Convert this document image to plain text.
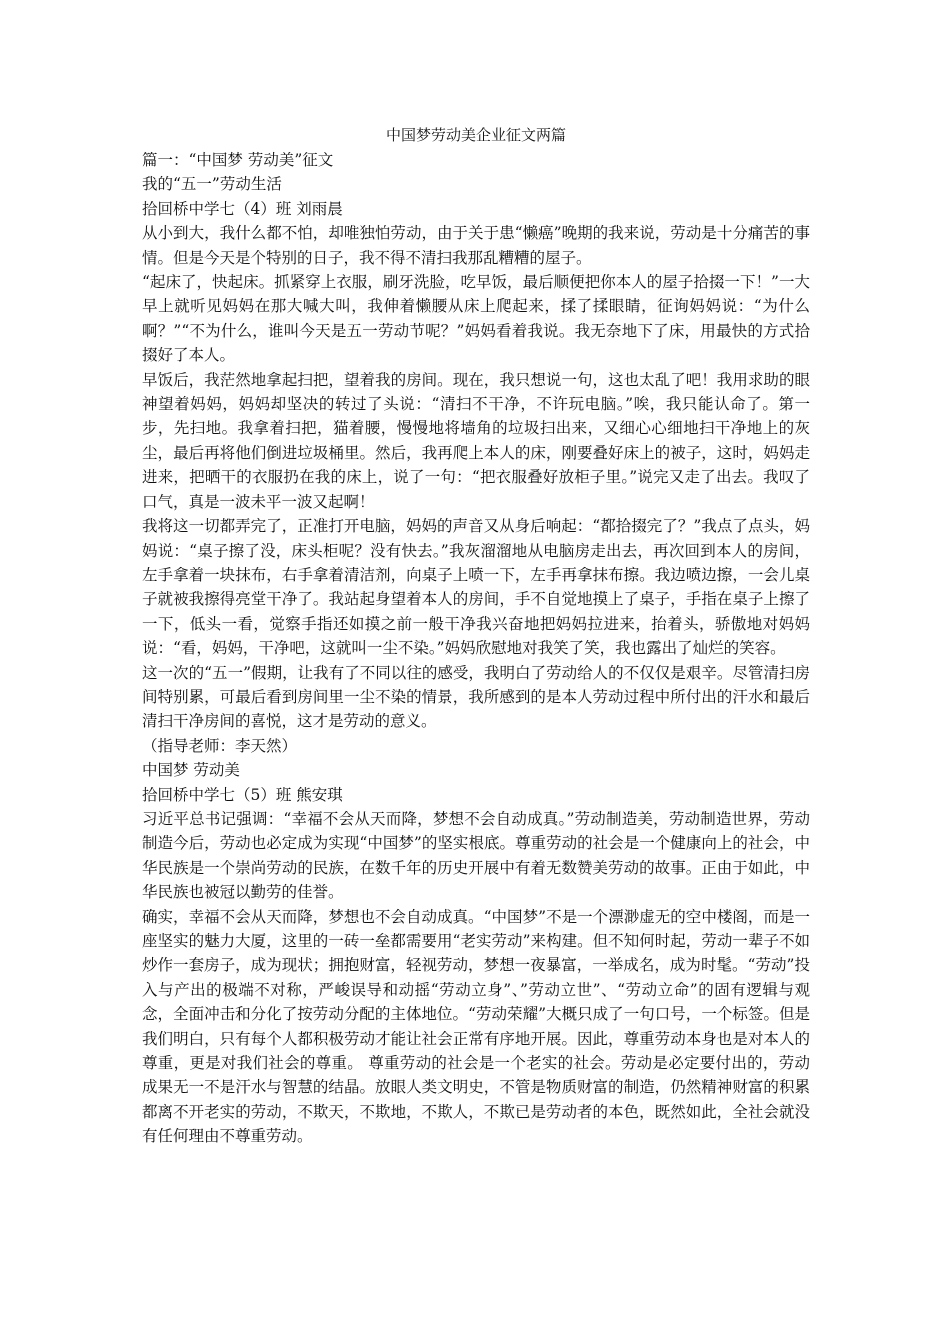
中国梦劳动美企业征文两篇

篇一：“中国梦 劳动美”征文

我的“五一”劳动生活

拾回桥中学七（4）班 刘雨晨

从小到大，我什么都不怕，却唯独怕劳动，由于关于患“懒癌”晚期的我来说，劳动是十分痛苦的事情。但是今天是个特别的日子，我不得不清扫我那乱糟糟的屋子。

“起床了，快起床。抓紧穿上衣服，刷牙洗脸，吃早饭，最后顺便把你本人的屋子拾掇一下！”一大早上就听见妈妈在那大喊大叫，我伸着懒腰从床上爬起来，揉了揉眼睛，征询妈妈说：“为什么啊？”“不为什么，谁叫今天是五一劳动节呢？”妈妈看着我说。我无奈地下了床，用最快的方式拾掇好了本人。

早饭后，我茫然地拿起扫把，望着我的房间。现在，我只想说一句，这也太乱了吧！我用求助的眼神望着妈妈，妈妈却坚决的转过了头说：“清扫不干净，不许玩电脑。”唉，我只能认命了。第一步，先扫地。我拿着扫把，猫着腰，慢慢地将墙角的垃圾扫出来，又细心心细地扫干净地上的灰尘，最后再将他们倒进垃圾桶里。然后，我再爬上本人的床，刚要叠好床上的被子，这时，妈妈走进来，把晒干的衣服扔在我的床上，说了一句：“把衣服叠好放柜子里。”说完又走了出去。我叹了口气，真是一波未平一波又起啊！

我将这一切都弄完了，正准打开电脑，妈妈的声音又从身后响起：“都拾掇完了？”我点了点头，妈妈说：“桌子擦了没，床头柜呢？没有快去。”我灰溜溜地从电脑房走出去，再次回到本人的房间，左手拿着一块抹布，右手拿着清洁剂，向桌子上喷一下，左手再拿抹布擦。我边喷边擦，一会儿桌子就被我擦得亮堂干净了。我站起身望着本人的房间，手不自觉地摸上了桌子，手指在桌子上擦了一下，低头一看，觉察手指还如摸之前一般干净我兴奋地把妈妈拉进来，抬着头，骄傲地对妈妈说：“看，妈妈，干净吧，这就叫一尘不染。”妈妈欣慰地对我笑了笑，我也露出了灿烂的笑容。

这一次的“五一”假期，让我有了不同以往的感受，我明白了劳动给人的不仅仅是艰辛。尽管清扫房间特别累，可最后看到房间里一尘不染的情景，我所感到的是本人劳动过程中所付出的汗水和最后清扫干净房间的喜悦，这才是劳动的意义。

（指导老师：李天然）

中国梦 劳动美

拾回桥中学七（5）班 熊安琪

习近平总书记强调：“幸福不会从天而降，梦想不会自动成真。”劳动制造美，劳动制造世界，劳动制造今后，劳动也必定成为实现“中国梦”的坚实根底。尊重劳动的社会是一个健康向上的社会，中华民族是一个崇尚劳动的民族，在数千年的历史开展中有着无数赞美劳动的故事。正由于如此，中华民族也被冠以勤劳的佳誉。

确实，幸福不会从天而降，梦想也不会自动成真。“中国梦”不是一个漂渺虚无的空中楼阁，而是一座坚实的魅力大厦，这里的一砖一垒都需要用“老实劳动”来构建。但不知何时起，劳动一辈子不如炒作一套房子，成为现状；拥抱财富，轻视劳动，梦想一夜暴富，一举成名，成为时髦。“劳动”投入与产出的极端不对称，严峻误导和动摇“劳动立身”、”劳动立世”、“劳动立命”的固有逻辑与观念，全面冲击和分化了按劳动分配的主体地位。“劳动荣耀”大概只成了一句口号，一个标签。但是我们明白，只有每个人都积极劳动才能让社会正常有序地开展。因此，尊重劳动本身也是对本人的尊重，更是对我们社会的尊重。 尊重劳动的社会是一个老实的社会。劳动是必定要付出的，劳动成果无一不是汗水与智慧的结晶。放眼人类文明史，不管是物质财富的制造，仍然精神财富的积累都离不开老实的劳动，不欺天，不欺地，不欺人，不欺已是劳动者的本色，既然如此，全社会就没有任何理由不尊重劳动。
